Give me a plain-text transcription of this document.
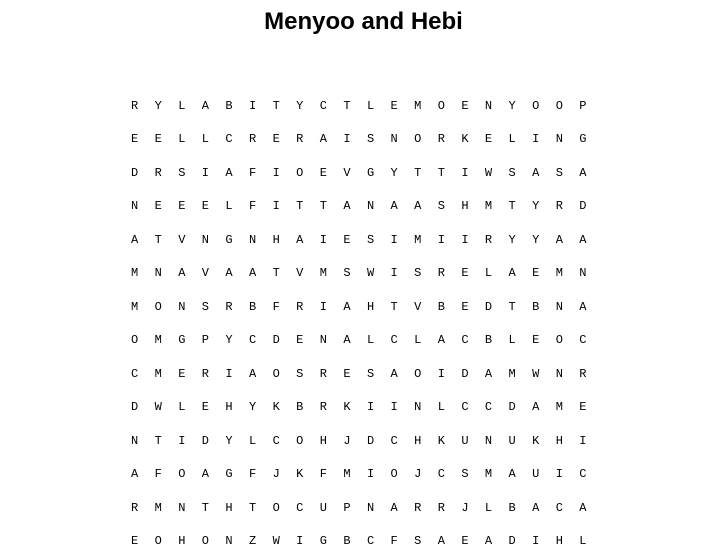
Menyoo and Hebi
R	Y	L	A	B	I	T	Y	C	T	L	E	M	O	E	N	Y	O	O	P
E	E	L	L	C	R	E	R	A	I	S	N	O	R	K	E	L	I	N	G
D	R	S	I	A	F	I	O	E	V	G	Y	T	T	I	W	S	A	S	A
N	E	E	E	L	F	I	T	T	A	N	A	A	S	H	M	T	Y	R	D
A	T	V	N	G	N	H	A	I	E	S	I	M	I	I	R	Y	Y	A	A
M	N	A	V	A	A	T	V	M	S	W	I	S	R	E	L	A	E	M	N
M	O	N	S	R	B	F	R	I	A	H	T	V	B	E	D	T	B	N	A
O	M	G	P	Y	C	D	E	N	A	L	C	L	A	C	B	L	E	O	C
C	M	E	R	I	A	O	S	R	E	S	A	O	I	D	A	M	W	N	R
D	W	L	E	H	Y	K	B	R	K	I	I	N	L	C	C	D	A	M	E
N	T	I	D	Y	L	C	O	H	J	D	C	H	K	U	N	U	K	H	I
A	F	O	A	G	F	J	K	F	M	I	O	J	C	S	M	A	U	I	C
R	M	N	T	H	T	O	C	U	P	N	A	R	R	J	L	B	A	C	A
E	O	H	O	N	Z	W	I	G	B	C	F	S	A	E	A	D	I	H	L
